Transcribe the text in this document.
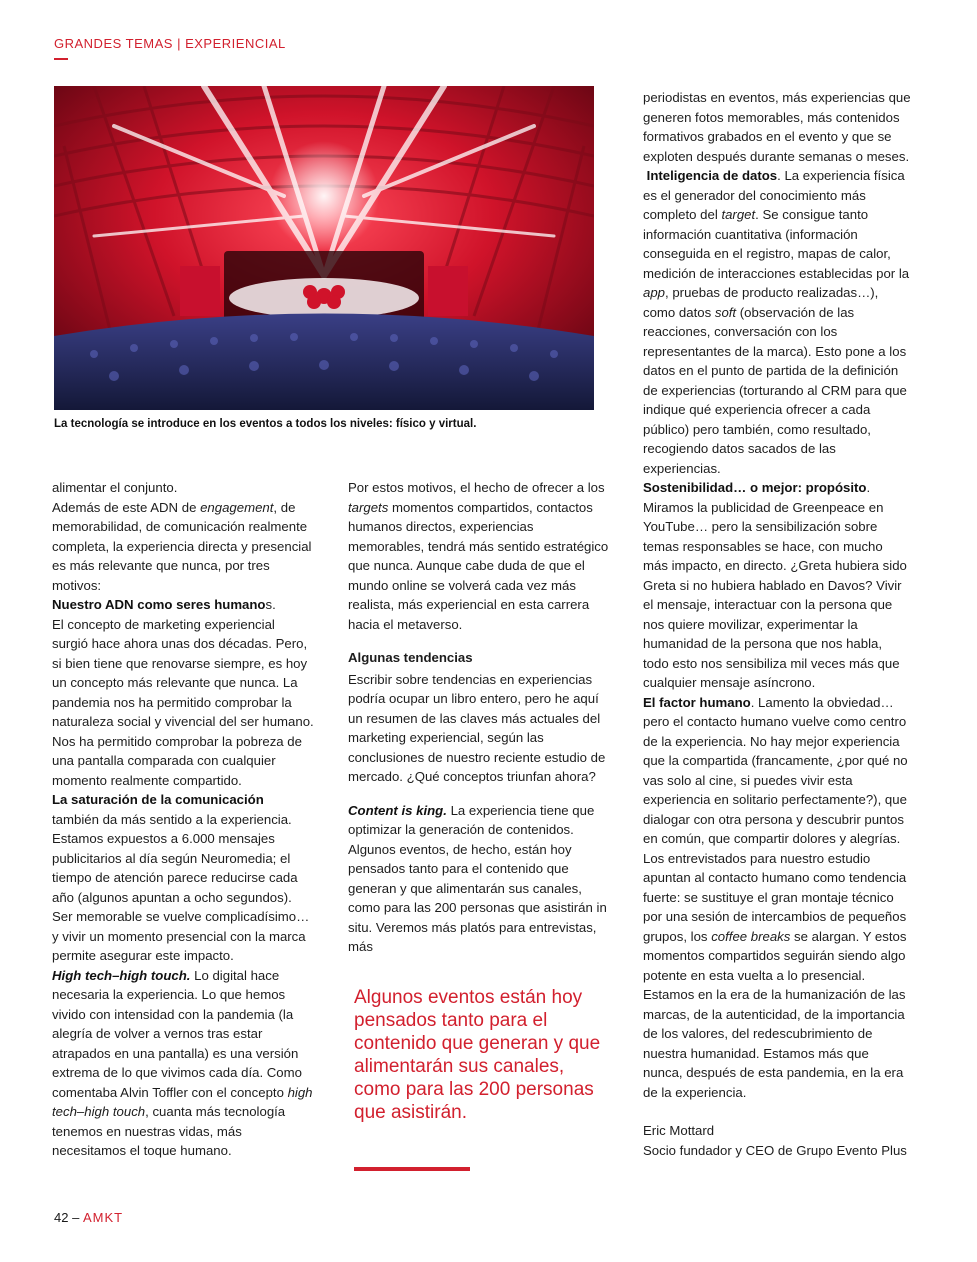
GRANDES TEMAS | EXPERIENCIAL
La tecnología se introduce en los eventos a todos los niveles: físico y virtual.

alimentar el conjunto.

Además de este ADN de engagement, de memorabilidad, de comunicación realmente completa, la experiencia directa y presencial es más relevante que nunca, por tres motivos:

Nuestro ADN como seres humanos.

El concepto de marketing experiencial surgió hace ahora unas dos décadas. Pero, si bien tiene que renovarse siempre, es hoy un concepto más relevante que nunca. La pandemia nos ha permitido comprobar la naturaleza social y vivencial del ser humano. Nos ha permitido comprobar la pobreza de una pantalla comparada con cualquier momento realmente compartido.

La saturación de la comunicación

también da más sentido a la experiencia. Estamos expuestos a 6.000 mensajes publicitarios al día según Neuromedia; el tiempo de atención parece reducirse cada año (algunos apuntan a ocho segundos). Ser memorable se vuelve complicadísimo… y vivir un momento presencial con la marca permite asegurar este impacto.

High tech–high touch. Lo digital hace necesaria la experiencia. Lo que hemos vivido con intensidad con la pandemia (la alegría de volver a vernos tras estar atrapados en una pantalla) es una versión extrema de lo que vivimos cada día. Como comentaba Alvin Toffler con el concepto high tech–high touch, cuanta más tecnología tenemos en nuestras vidas, más necesitamos el toque humano.

Por estos motivos, el hecho de ofrecer a los targets momentos compartidos, contactos humanos directos, experiencias memorables, tendrá más sentido estratégico que nunca. Aunque cabe duda de que el mundo online se volverá cada vez más realista, más experiencial en esta carrera hacia el metaverso.

Algunas tendencias

Escribir sobre tendencias en experiencias podría ocupar un libro entero, pero he aquí un resumen de las claves más actuales del marketing experiencial, según las conclusiones de nuestro reciente estudio de mercado. ¿Qué conceptos triunfan ahora?

Content is king. La experiencia tiene que optimizar la generación de contenidos. Algunos eventos, de hecho, están hoy pensados tanto para el contenido que generan y que alimentarán sus canales, como para las 200 personas que asistirán in situ. Veremos más platós para entrevistas, más

periodistas en eventos, más experiencias que generen fotos memorables, más contenidos formativos grabados en el evento y que se exploten después durante semanas o meses.

Inteligencia de datos. La experiencia física es el generador del conocimiento más completo del target. Se consigue tanto información cuantitativa (información conseguida en el registro, mapas de calor, medición de interacciones establecidas por la app, pruebas de producto realizadas…), como datos soft (observación de las reacciones, conversación con los representantes de la marca). Esto pone a los datos en el punto de partida de la definición de experiencias (torturando al CRM para que indique qué experiencia ofrecer a cada público) pero también, como resultado, recogiendo datos sacados de las experiencias.

Sostenibilidad… o mejor: propósito. Miramos la publicidad de Greenpeace en YouTube… pero la sensibilización sobre temas responsables se hace, con mucho más impacto, en directo. ¿Greta hubiera sido Greta si no hubiera hablado en Davos? Vivir el mensaje, interactuar con la persona que nos quiere movilizar, experimentar la humanidad de la persona que nos habla, todo esto nos sensibiliza mil veces más que cualquier mensaje asíncrono.

El factor humano. Lamento la obviedad… pero el contacto humano vuelve como centro de la experiencia. No hay mejor experiencia que la compartida (francamente, ¿por qué no vas solo al cine, si puedes vivir esta experiencia en solitario perfectamente?), que dialogar con otra persona y descubrir puntos en común, que compartir dolores y alegrías. Los entrevistados para nuestro estudio apuntan al contacto humano como tendencia fuerte: se sustituye el gran montaje técnico por una sesión de intercambios de pequeños grupos, los coffee breaks se alargan. Y estos momentos compartidos seguirán siendo algo potente en esta vuelta a lo presencial. Estamos en la era de la humanización de las marcas, de la autenticidad, de la importancia de los valores, del redescubrimiento de nuestra humanidad. Estamos más que nunca, después de esta pandemia, en la era de la experiencia.

Eric Mottard

Socio fundador y CEO de Grupo Evento Plus

Algunos eventos están hoy pensados tanto para el contenido que generan y que alimentarán sus canales, como para las 200 personas que asistirán.
42 – AMKT
